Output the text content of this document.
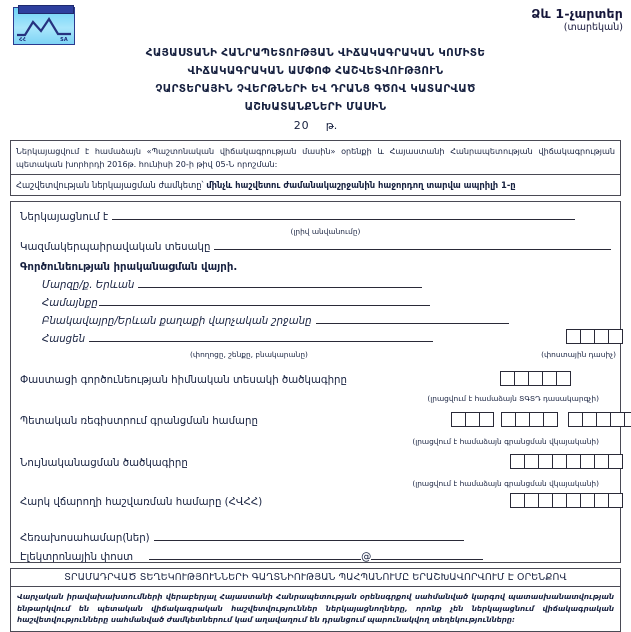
ՀՀ	SA
Ձև 1-չարտեր
(տարեկան)
ՀԱՅԱՍՏԱՆԻ ՀԱՆՐԱՊԵՏՈՒԹՅԱՆ ՎԻՃԱԿԱԳՐԱԿԱՆ ԿՈՄԻՏԵ
ՎԻՃԱԿԱԳՐԱԿԱՆ ԱՄՓՈՓ ՀԱՇՎԵՏՎՈՒԹՅՈՒՆ
ՉԱՐՏԵՐԱՅԻՆ ՉՎԵՐԹՆԵՐԻ ԵՎ ԴՐԱՆՑ ԳԾՈՎ ԿԱՏԱՐՎԱԾ
ԱՇԽԱՏԱՆՔՆԵՐԻ ՄԱՍԻՆ
20 թ.
Ներկայացվում է համաձայն «Պաշտոնական վիճակագրության մասին» օրենքի և Հայաստանի Հանրապետության վիճակագրության պետական խորհրդի 2016թ. հունիսի 20-ի թիվ 05-Ն որոշման:
Հաշվետվության ներկայացման ժամկետը՝ մինչև հաշվետու ժամանակաշրջանին հաջորդող տարվա ապրիլի 1-ը
Ներկայացնում է
(լրիվ անվանումը)
Կազմակերպաիրավական տեսակը
Գործունեության իրականացման վայրի.
Մարզը/ք. Երևան
Համայնքը
Բնակավայրը/Երևան քաղաքի վարչական շրջանը
Հասցեն
(փողոցը, շենքը, բնակարանը)	(փոստային դասիչ)
Փաստացի գործունեության հիմնական տեսակի ծածկագիրը
(լրացվում է համաձայն ՏԳՏԴ դասակարգչի)
Պետական ռեգիստրում գրանցման համարը
(լրացվում է համաձայն գրանցման վկայականի)
Նույնականացման ծածկագիրը
(լրացվում է համաձայն գրանցման վկայականի)
Հարկ վճարողի հաշվառման համարը (ՀՎՀՀ)
Հեռախոսահամար(ներ)
Էլեկտրոնային փոստ	@
ՏՐԱՄԱԴՐՎԱԾ ՏԵՂԵԿՈՒԹՅՈՒՆՆԵՐԻ ԳԱՂՏՆԻՈՒԹՅԱՆ ՊԱՀՊԱՆՈՒՄԸ ԵՐԱՇԽԱՎՈՐՎՈՒՄ Է ՕՐԵՆՔՈՎ
Վարչական իրավախախտումների վերաբերյալ Հայաստանի Հանրապետության օրենսգրքով սահմանված կարգով պատասխանատվության ենթարկվում են պետական վիճակագրական հաշվետվություններ ներկայացնողները, որոնք չեն ներկայացնում վիճակագրական հաշվետվությունները սահմանված ժամկետներում կամ աղավաղում են դրանցում պարունակվող տեղեկությունները:
